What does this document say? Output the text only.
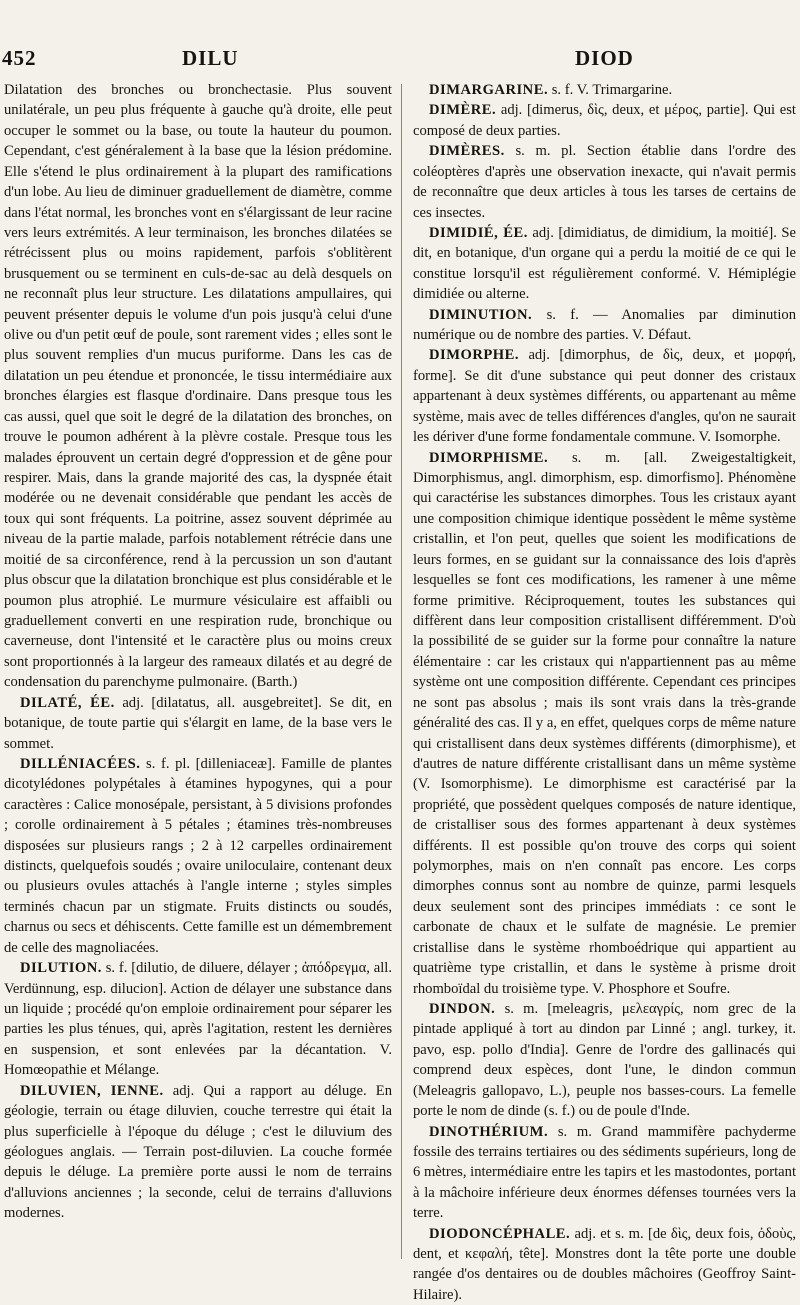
452	DILU	DIOD

Dilatation des bronches ou bronchectasie. Plus souvent unilatérale, un peu plus fréquente à gauche qu'à droite, elle peut occuper le sommet ou la base, ou toute la hauteur du poumon. Cependant, c'est généralement à la base que la lésion prédomine. Elle s'étend le plus ordinairement à la plupart des ramifications d'un lobe. Au lieu de diminuer graduellement de diamètre, comme dans l'état normal, les bronches vont en s'élargissant de leur racine vers leurs extrémités. A leur terminaison, les bronches dilatées se rétrécissent plus ou moins rapidement, parfois s'oblitèrent brusquement ou se terminent en culs-de-sac au delà desquels on ne reconnaît plus leur structure. Les dilatations ampullaires, qui peuvent présenter depuis le volume d'un pois jusqu'à celui d'une olive ou d'un petit œuf de poule, sont rarement vides ; elles sont le plus souvent remplies d'un mucus puriforme. Dans les cas de dilatation un peu étendue et prononcée, le tissu intermédiaire aux bronches élargies est flasque d'ordinaire. Dans presque tous les cas aussi, quel que soit le degré de la dilatation des bronches, on trouve le poumon adhérent à la plèvre costale. Presque tous les malades éprouvent un certain degré d'oppression et de gêne pour respirer. Mais, dans la grande majorité des cas, la dyspnée était modérée ou ne devenait considérable que pendant les accès de toux qui sont fréquents. La poitrine, assez souvent déprimée au niveau de la partie malade, parfois notablement rétrécie dans une moitié de sa circonférence, rend à la percussion un son d'autant plus obscur que la dilatation bronchique est plus considérable et le poumon plus atrophié. Le murmure vésiculaire est affaibli ou graduellement converti en une respiration rude, bronchique ou caverneuse, dont l'intensité et le caractère plus ou moins creux sont proportionnés à la largeur des rameaux dilatés et au degré de condensation du parenchyme pulmonaire. (Barth.)

DILATÉ, ÉE. adj. [dilatatus, all. ausgebreitet]. Se dit, en botanique, de toute partie qui s'élargit en lame, de la base vers le sommet.

DILLÉNIACÉES. s. f. pl. [dilleniaceæ]. Famille de plantes dicotylédones polypétales à étamines hypogynes, qui a pour caractères : Calice monosépale, persistant, à 5 divisions profondes ; corolle ordinairement à 5 pétales ; étamines très-nombreuses disposées sur plusieurs rangs ; 2 à 12 carpelles ordinairement distincts, quelquefois soudés ; ovaire uniloculaire, contenant deux ou plusieurs ovules attachés à l'angle interne ; styles simples terminés chacun par un stigmate. Fruits distincts ou soudés, charnus ou secs et déhiscents. Cette famille est un démembrement de celle des magnoliacées.

DILUTION. s. f. [dilutio, de diluere, délayer ; ἀπόδρεγμα, all. Verdünnung, esp. dilucion]. Action de délayer une substance dans un liquide ; procédé qu'on emploie ordinairement pour séparer les parties les plus ténues, qui, après l'agitation, restent les dernières en suspension, et sont enlevées par la décantation. V. Homœopathie et Mélange.

DILUVIEN, IENNE. adj. Qui a rapport au déluge. En géologie, terrain ou étage diluvien, couche terrestre qui était la plus superficielle à l'époque du déluge ; c'est le diluvium des géologues anglais. — Terrain post-diluvien. La couche formée depuis le déluge. La première porte aussi le nom de terrains d'alluvions anciennes ; la seconde, celui de terrains d'alluvions modernes.

DIMARGARINE. s. f. V. Trimargarine.

DIMÈRE. adj. [dimerus, δὶς, deux, et μέρος, partie]. Qui est composé de deux parties.

DIMÈRES. s. m. pl. Section établie dans l'ordre des coléoptères d'après une observation inexacte, qui n'avait permis de reconnaître que deux articles à tous les tarses de certains de ces insectes.

DIMIDIÉ, ÉE. adj. [dimidiatus, de dimidium, la moitié]. Se dit, en botanique, d'un organe qui a perdu la moitié de ce qui le constitue lorsqu'il est régulièrement conformé. V. Hémiplégie dimidiée ou alterne.

DIMINUTION. s. f. — Anomalies par diminution numérique ou de nombre des parties. V. Défaut.

DIMORPHE. adj. [dimorphus, de δὶς, deux, et μορφή, forme]. Se dit d'une substance qui peut donner des cristaux appartenant à deux systèmes différents, ou appartenant au même système, mais avec de telles différences d'angles, qu'on ne saurait les dériver d'une forme fondamentale commune. V. Isomorphe.

DIMORPHISME. s. m. [all. Zweigestaltigkeit, Dimorphismus, angl. dimorphism, esp. dimorfismo]. Phénomène qui caractérise les substances dimorphes. Tous les cristaux ayant une composition chimique identique possèdent le même système cristallin, et l'on peut, quelles que soient les modifications de leurs formes, en se guidant sur la connaissance des lois d'après lesquelles se font ces modifications, les ramener à une même forme primitive. Réciproquement, toutes les substances qui diffèrent dans leur composition cristallisent différemment. D'où la possibilité de se guider sur la forme pour connaître la nature élémentaire : car les cristaux qui n'appartiennent pas au même système ont une composition différente. Cependant ces principes ne sont pas absolus ; mais ils sont vrais dans la très-grande généralité des cas. Il y a, en effet, quelques corps de même nature qui cristallisent dans deux systèmes différents (dimorphisme), et d'autres de nature différente cristallisant dans un même système (V. Isomorphisme). Le dimorphisme est caractérisé par la propriété, que possèdent quelques composés de nature identique, de cristalliser sous des formes appartenant à deux systèmes différents. Il est possible qu'on trouve des corps qui soient polymorphes, mais on n'en connaît pas encore. Les corps dimorphes connus sont au nombre de quinze, parmi lesquels deux seulement sont des principes immédiats : ce sont le carbonate de chaux et le sulfate de magnésie. Le premier cristallise dans le système rhomboédrique qui appartient au quatrième type cristallin, et dans le système à prisme droit rhomboïdal du troisième type. V. Phosphore et Soufre.

DINDON. s. m. [meleagris, μελεαγρίς, nom grec de la pintade appliqué à tort au dindon par Linné ; angl. turkey, it. pavo, esp. pollo d'India]. Genre de l'ordre des gallinacés qui comprend deux espèces, dont l'une, le dindon commun (Meleagris gallopavo, L.), peuple nos basses-cours. La femelle porte le nom de dinde (s. f.) ou de poule d'Inde.

DINOTHÉRIUM. s. m. Grand mammifère pachyderme fossile des terrains tertiaires ou des sédiments supérieurs, long de 6 mètres, intermédiaire entre les tapirs et les mastodontes, portant à la mâchoire inférieure deux énormes défenses tournées vers la terre.

DIODONCÉPHALE. adj. et s. m. [de δὶς, deux fois, ὀδοὺς, dent, et κεφαλή, tête]. Monstres dont la tête porte une double rangée d'os dentaires ou de doubles mâchoires (Geoffroy Saint-Hilaire).
